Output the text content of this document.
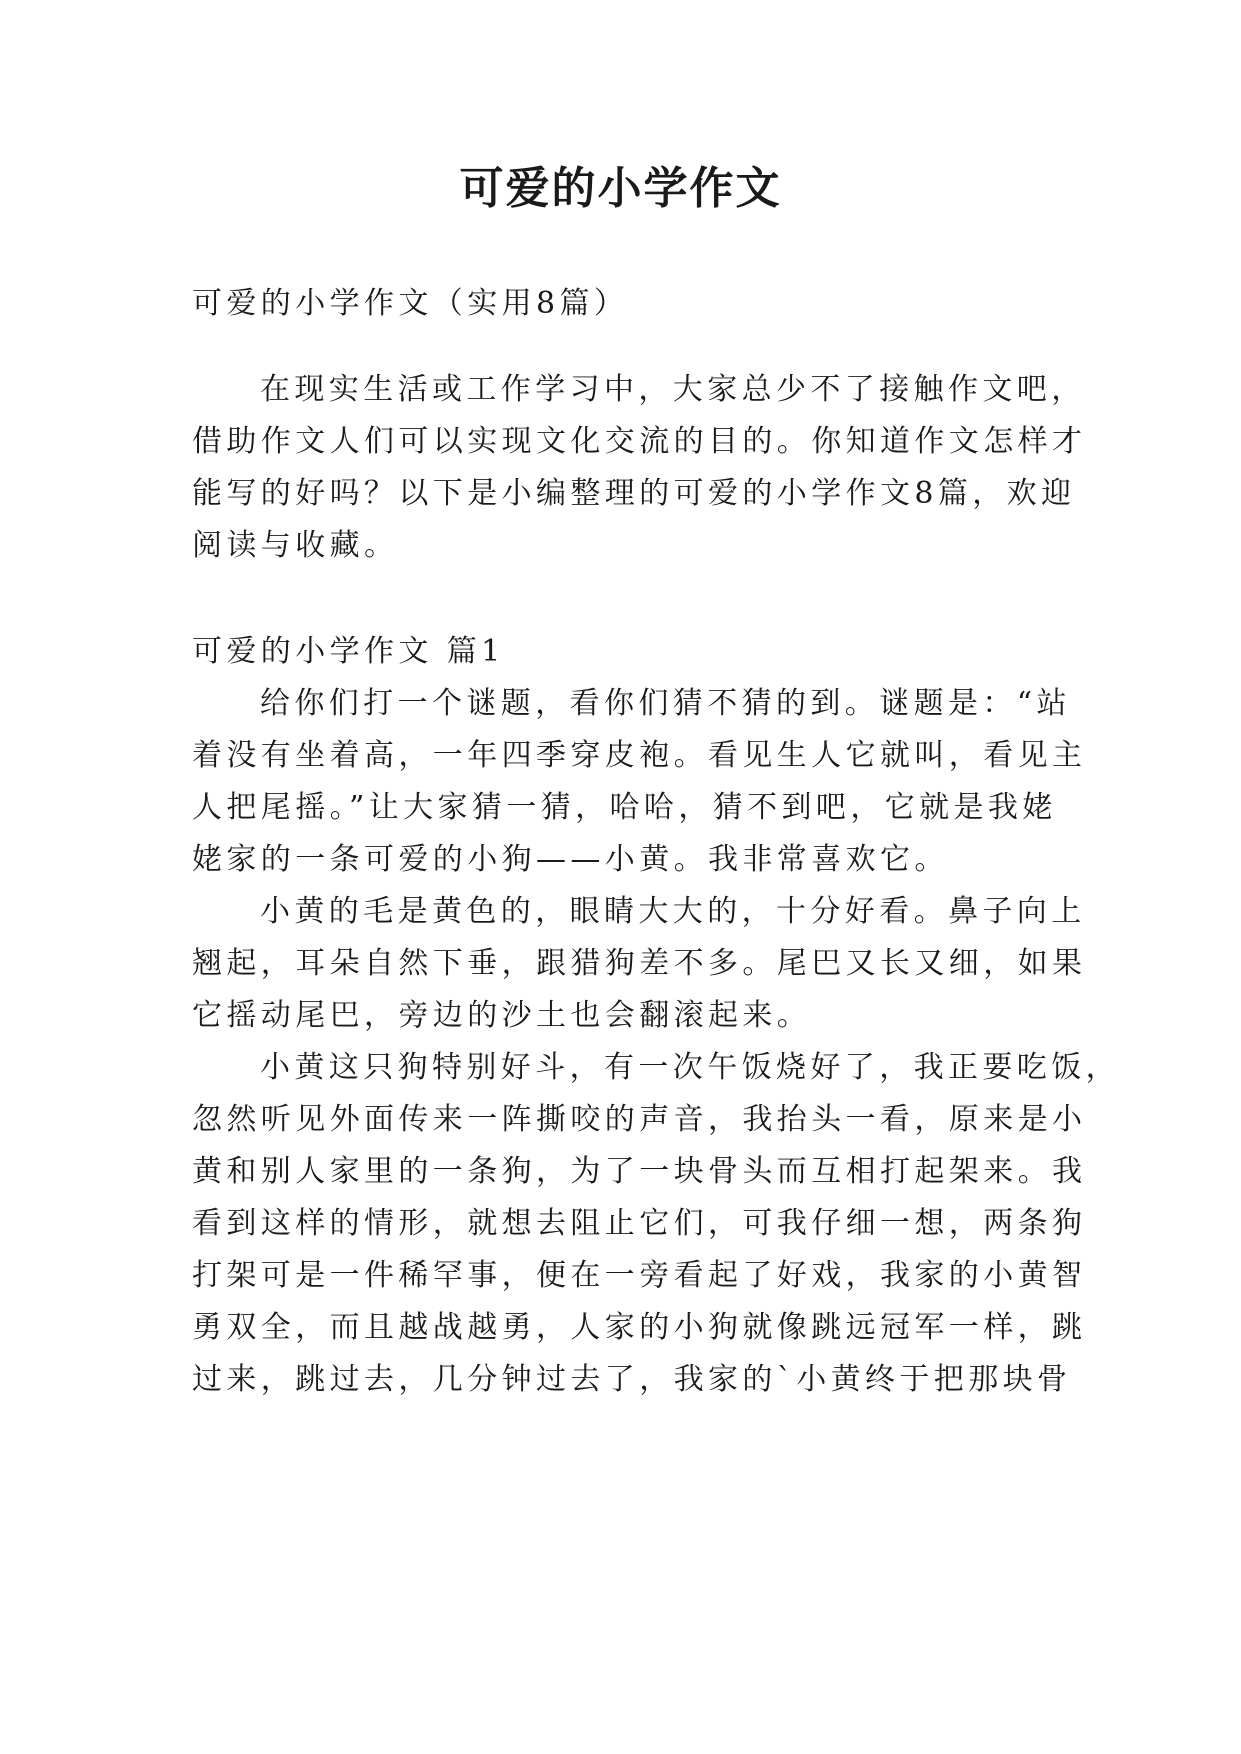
可爱的小学作文
可爱的小学作文（实用8篇）
在现实生活或工作学习中，大家总少不了接触作文吧，
借助作文人们可以实现文化交流的目的。你知道作文怎样才
能写的好吗？以下是小编整理的可爱的小学作文8篇，欢迎
阅读与收藏。
可爱的小学作文 篇1
给你们打一个谜题，看你们猜不猜的到。谜题是：“站
着没有坐着高，一年四季穿皮袍。看见生人它就叫，看见主
人把尾摇。”让大家猜一猜，哈哈，猜不到吧，它就是我姥
姥家的一条可爱的小狗——小黄。我非常喜欢它。
小黄的毛是黄色的，眼睛大大的，十分好看。鼻子向上
翘起，耳朵自然下垂，跟猎狗差不多。尾巴又长又细，如果
它摇动尾巴，旁边的沙土也会翻滚起来。
小黄这只狗特别好斗，有一次午饭烧好了，我正要吃饭，
忽然听见外面传来一阵撕咬的声音，我抬头一看，原来是小
黄和别人家里的一条狗，为了一块骨头而互相打起架来。我
看到这样的情形，就想去阻止它们，可我仔细一想，两条狗
打架可是一件稀罕事，便在一旁看起了好戏，我家的小黄智
勇双全，而且越战越勇，人家的小狗就像跳远冠军一样，跳
过来，跳过去，几分钟过去了，我家的`小黄终于把那块骨
